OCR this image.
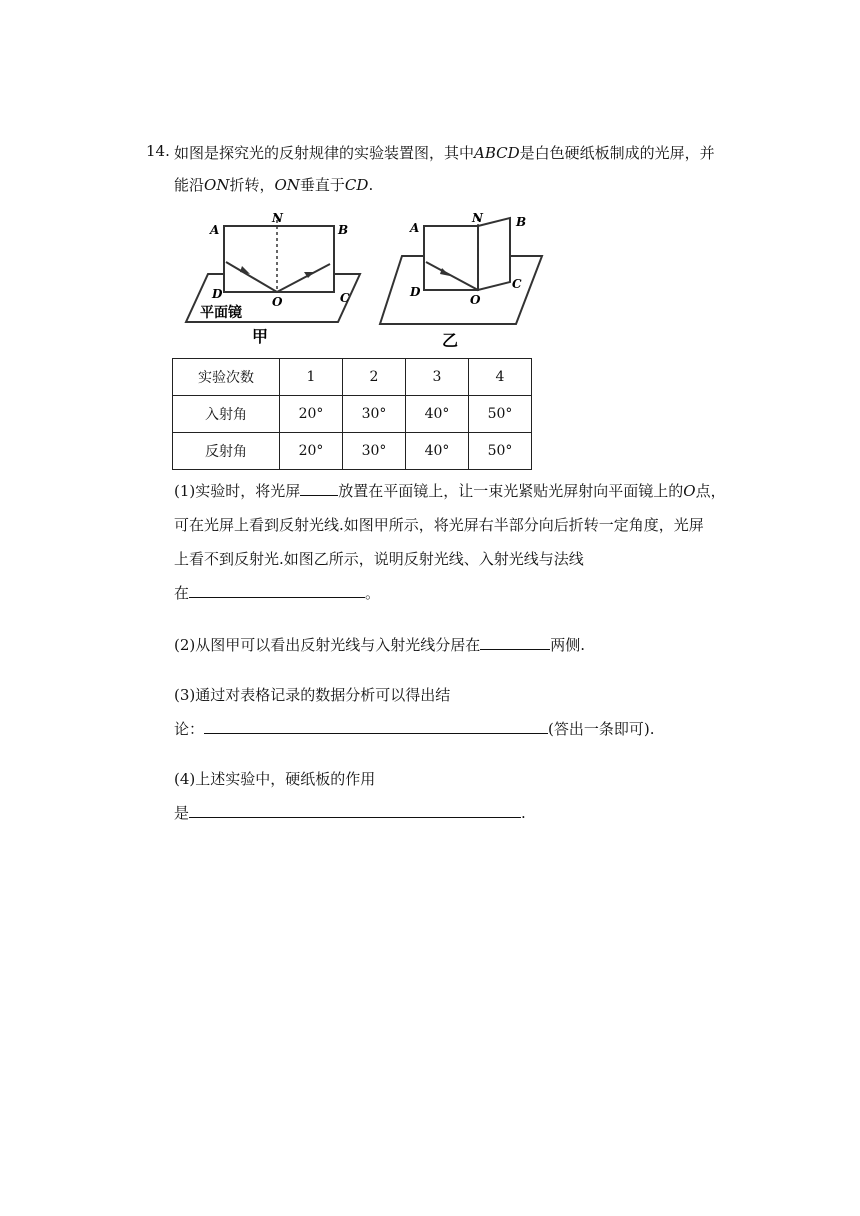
14. 如图是探究光的反射规律的实验装置图，其中ABCD是白色硬纸板制成的光屏，并
能沿ON折转，ON垂直于CD.
A
N
B
D
O	C
平面镜
甲
A
N	B
D
O
C
乙
实验次数	1	2	3	4
入射角	20°	30°	40°	50°
反射角	20°	30°	40°	50°
(1)实验时，将光屏	放置在平面镜上，让一束光紧贴光屏射向平面镜上的O点，
可在光屏上看到反射光线.如图甲所示，将光屏右半部分向后折转一定角度，光屏
上看不到反射光.如图乙所示，说明反射光线、入射光线与法线
在	。
(2)从图甲可以看出反射光线与入射光线分居在	两侧.
(3)通过对表格记录的数据分析可以得出结
论：	(答出一条即可).
(4)上述实验中，硬纸板的作用
是	.
